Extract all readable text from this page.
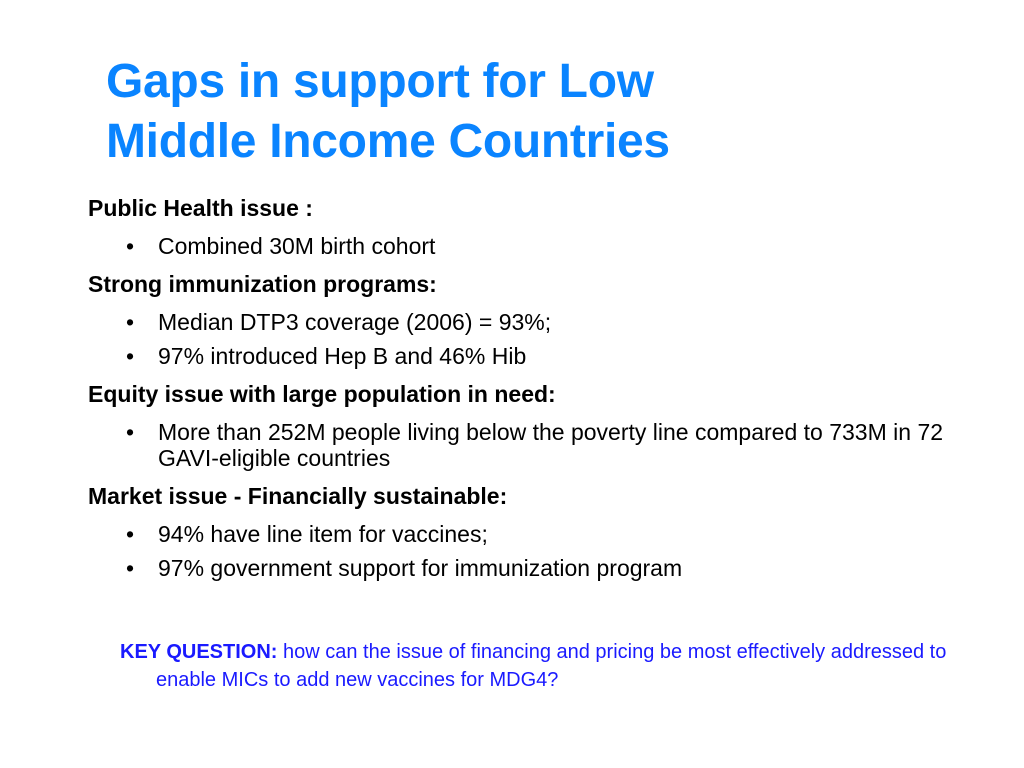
Gaps in support for Low
Middle Income Countries
Public Health issue :
• Combined 30M birth cohort
Strong immunization programs:
• Median DTP3 coverage (2006) = 93%;
• 97% introduced Hep B and 46% Hib
Equity issue with large population in need:
• More than 252M people living below the poverty line compared to 733M in 72 GAVI-eligible countries
Market issue - Financially sustainable:
• 94% have line item for vaccines;
• 97% government support for immunization program
KEY QUESTION: how can the issue of financing and pricing be most effectively addressed to enable MICs to add new vaccines for MDG4?
